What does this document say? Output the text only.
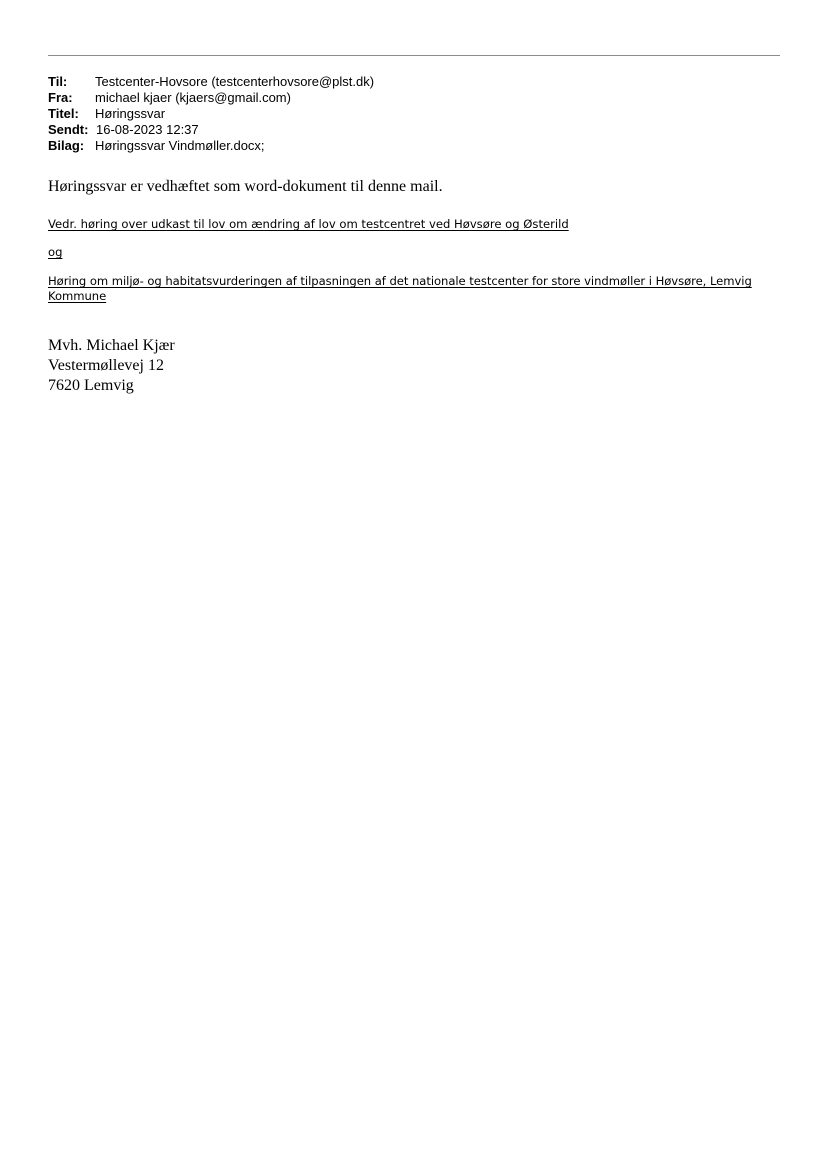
Til:	Testcenter-Hovsore (testcenterhovsore@plst.dk)
Fra:	michael kjaer (kjaers@gmail.com)
Titel:	Høringssvar
Sendt: 16-08-2023 12:37
Bilag: Høringssvar Vindmøller.docx;
Høringssvar er vedhæftet som word-dokument til denne mail.
Vedr. høring over udkast til lov om ændring af lov om testcentret ved Høvsøre og Østerild
og
Høring om miljø- og habitatsvurderingen af tilpasningen af det nationale testcenter for store vindmøller i Høvsøre, Lemvig Kommune
Mvh. Michael Kjær
Vestermøllevej 12
7620 Lemvig
